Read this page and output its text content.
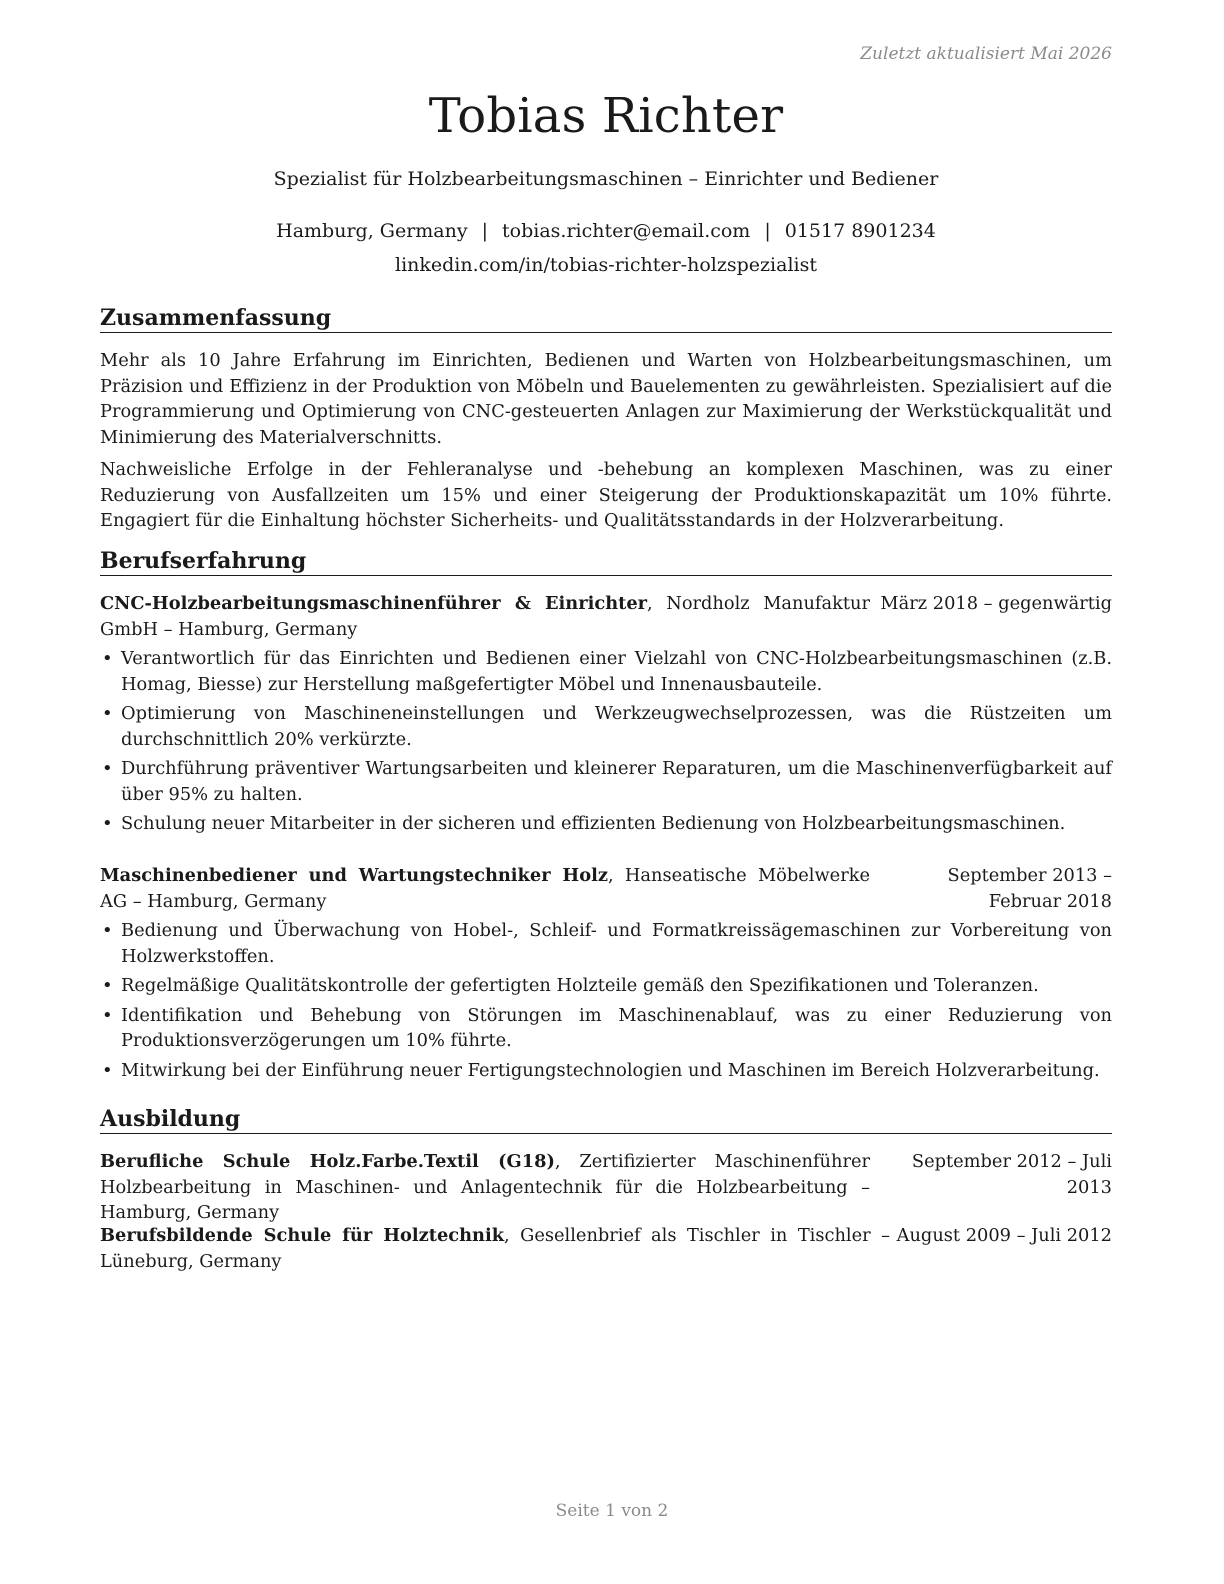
Zuletzt aktualisiert Mai 2026
Tobias Richter
Spezialist für Holzbearbeitungsmaschinen – Einrichter und Bediener
Hamburg, Germany | tobias.richter@email.com | 01517 8901234
linkedin.com/in/tobias-richter-holzspezialist
Zusammenfassung
Mehr als 10 Jahre Erfahrung im Einrichten, Bedienen und Warten von Holzbearbeitungsmaschinen, um Präzision und Effizienz in der Produktion von Möbeln und Bauelementen zu gewährleisten. Spezialisiert auf die Programmierung und Optimierung von CNC-gesteuerten Anlagen zur Maximierung der Werkstückqualität und Minimierung des Materialverschnitts.
Nachweisliche Erfolge in der Fehleranalyse und -behebung an komplexen Maschinen, was zu einer Reduzierung von Ausfallzeiten um 15% und einer Steigerung der Produktionskapazität um 10% führte. Engagiert für die Einhaltung höchster Sicherheits- und Qualitätsstandards in der Holzverarbeitung.
Berufserfahrung
CNC-Holzbearbeitungsmaschinenführer & Einrichter, Nordholz Manufaktur GmbH – Hamburg, Germany
März 2018 – gegenwärtig
• Verantwortlich für das Einrichten und Bedienen einer Vielzahl von CNC-Holzbearbeitungsmaschinen (z.B. Homag, Biesse) zur Herstellung maßgefertigter Möbel und Innenausbauteile.
• Optimierung von Maschineneinstellungen und Werkzeugwechselprozessen, was die Rüstzeiten um durchschnittlich 20% verkürzte.
• Durchführung präventiver Wartungsarbeiten und kleinerer Reparaturen, um die Maschinenverfügbarkeit auf über 95% zu halten.
• Schulung neuer Mitarbeiter in der sicheren und effizienten Bedienung von Holzbearbeitungsmaschinen.
Maschinenbediener und Wartungstechniker Holz, Hanseatische Möbelwerke AG – Hamburg, Germany
September 2013 – Februar 2018
• Bedienung und Überwachung von Hobel-, Schleif- und Formatkreissägemaschinen zur Vorbereitung von Holzwerkstoffen.
• Regelmäßige Qualitätskontrolle der gefertigten Holzteile gemäß den Spezifikationen und Toleranzen.
• Identifikation und Behebung von Störungen im Maschinenablauf, was zu einer Reduzierung von Produktionsverzögerungen um 10% führte.
• Mitwirkung bei der Einführung neuer Fertigungstechnologien und Maschinen im Bereich Holzverarbeitung.
Ausbildung
Berufliche Schule Holz.Farbe.Textil (G18), Zertifizierter Maschinenführer Holzbearbeitung in Maschinen- und Anlagentechnik für die Holzbearbeitung – Hamburg, Germany
September 2012 – Juli 2013
Berufsbildende Schule für Holztechnik, Gesellenbrief als Tischler in Tischler – Lüneburg, Germany
August 2009 – Juli 2012
Seite 1 von 2
